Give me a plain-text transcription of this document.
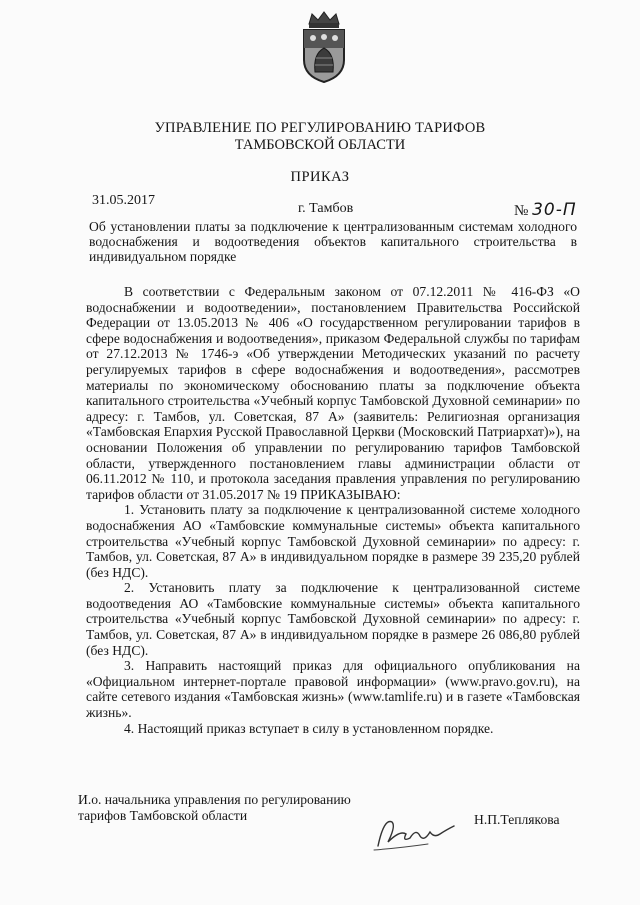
УПРАВЛЕНИЕ ПО РЕГУЛИРОВАНИЮ ТАРИФОВ
ТАМБОВСКОЙ ОБЛАСТИ
ПРИКАЗ
31.05.2017
г. Тамбов	№ 30-П
Об установлении платы за подключение к централизованным системам холодного водоснабжения и водоотведения объектов капитального строительства в индивидуальном порядке

В соответствии с Федеральным законом от 07.12.2011 № 416-ФЗ «О водоснабжении и водоотведении», постановлением Правительства Российской Федерации от 13.05.2013 № 406 «О государственном регулировании тарифов в сфере водоснабжения и водоотведения», приказом Федеральной службы по тарифам от 27.12.2013 № 1746-э «Об утверждении Методических указаний по расчету регулируемых тарифов в сфере водоснабжения и водоотведения», рассмотрев материалы по экономическому обоснованию платы за подключение объекта капитального строительства «Учебный корпус Тамбовской Духовной семинарии» по адресу: г. Тамбов, ул. Советская, 87 А» (заявитель: Религиозная организация «Тамбовская Епархия Русской Православной Церкви (Московский Патриархат)»), на основании Положения об управлении по регулированию тарифов Тамбовской области, утвержденного постановлением главы администрации области от 06.11.2012 № 110, и протокола заседания правления управления по регулированию тарифов области от 31.05.2017 № 19 ПРИКАЗЫВАЮ:

1. Установить плату за подключение к централизованной системе холодного водоснабжения АО «Тамбовские коммунальные системы» объекта капитального строительства «Учебный корпус Тамбовской Духовной семинарии» по адресу: г. Тамбов, ул. Советская, 87 А» в индивидуальном порядке в размере 39 235,20 рублей (без НДС).

2. Установить плату за подключение к централизованной системе водоотведения АО «Тамбовские коммунальные системы» объекта капитального строительства «Учебный корпус Тамбовской Духовной семинарии» по адресу: г. Тамбов, ул. Советская, 87 А» в индивидуальном порядке в размере 26 086,80 рублей (без НДС).

3. Направить настоящий приказ для официального опубликования на «Официальном интернет-портале правовой информации» (www.pravo.gov.ru), на сайте сетевого издания «Тамбовская жизнь» (www.tamlife.ru) и в газете «Тамбовская жизнь».

4. Настоящий приказ вступает в силу в установленном порядке.

И.о. начальника управления по регулированию
тарифов Тамбовской области	Н.П.Теплякова
